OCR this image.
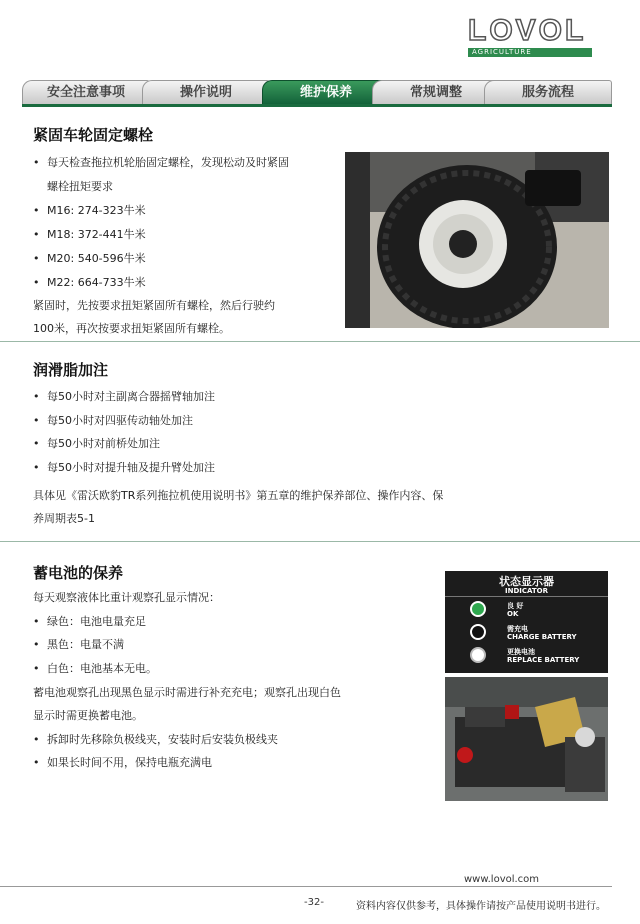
LOVOL
AGRICULTURE
安全注意事项	操作说明	维护保养	常规调整	服务流程
紧固车轮固定螺栓
• 每天检查拖拉机轮胎固定螺栓，发现松动及时紧固
螺栓扭矩要求
• M16: 274-323牛米
• M18: 372-441牛米
• M20: 540-596牛米
• M22: 664-733牛米
紧固时，先按要求扭矩紧固所有螺栓，然后行驶约
100米，再次按要求扭矩紧固所有螺栓。
润滑脂加注
• 每50小时对主副离合器摇臂轴加注
• 每50小时对四驱传动轴处加注
• 每50小时对前桥处加注
• 每50小时对提升轴及提升臂处加注
具体见《雷沃欧豹TR系列拖拉机使用说明书》第五章的维护保养部位、操作内容、保
养周期表5-1
蓄电池的保养
每天观察液体比重计观察孔显示情况：
• 绿色：电池电量充足
• 黑色：电量不满
• 白色：电池基本无电。
蓄电池观察孔出现黑色显示时需进行补充充电；观察孔出现白色
显示时需更换蓄电池。
• 拆卸时先移除负极线夹，安装时后安装负极线夹
• 如果长时间不用，保持电瓶充满电
状态显示器
INDICATOR
良 好
OK
需充电
CHARGE BATTERY
更换电池
REPLACE BATTERY
www.lovol.com
-32-	资料内容仅供参考，具体操作请按产品使用说明书进行。
